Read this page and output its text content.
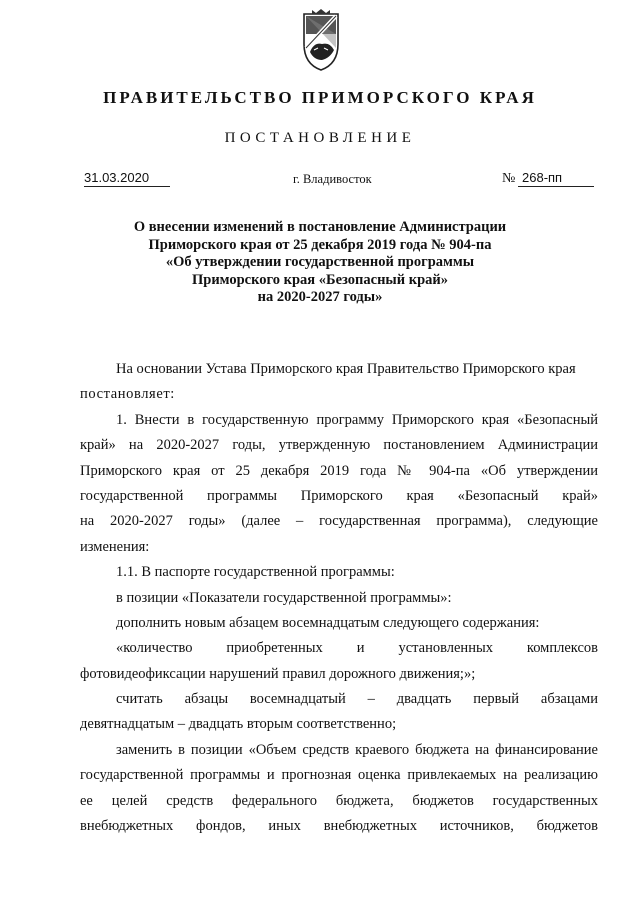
ПРАВИТЕЛЬСТВО ПРИМОРСКОГО КРАЯ
ПОСТАНОВЛЕНИЕ
31.03.2020	г. Владивосток	№ 268-пп
О внесении изменений в постановление Администрации
Приморского края от 25 декабря 2019 года № 904-па
«Об утверждении государственной программы
Приморского края «Безопасный край»
на 2020-2027 годы»
На основании Устава Приморского края Правительство Приморского края
постановляет:
1. Внести в государственную программу Приморского края «Безопасный
край» на 2020-2027 годы, утвержденную постановлением Администрации
Приморского края от 25 декабря 2019 года № 904-па «Об утверждении
государственной программы Приморского края «Безопасный край»
на 2020-2027 годы» (далее – государственная программа), следующие
изменения:
1.1. В паспорте государственной программы:
в позиции «Показатели государственной программы»:
дополнить новым абзацем восемнадцатым следующего содержания:
«количество приобретенных и установленных комплексов
фотовидеофиксации нарушений правил дорожного движения;»;
считать абзацы восемнадцатый – двадцать первый абзацами
девятнадцатым – двадцать вторым соответственно;
заменить в позиции «Объем средств краевого бюджета на финансирование
государственной программы и прогнозная оценка привлекаемых на реализацию
ее целей средств федерального бюджета, бюджетов государственных
внебюджетных фондов, иных внебюджетных источников, бюджетов
